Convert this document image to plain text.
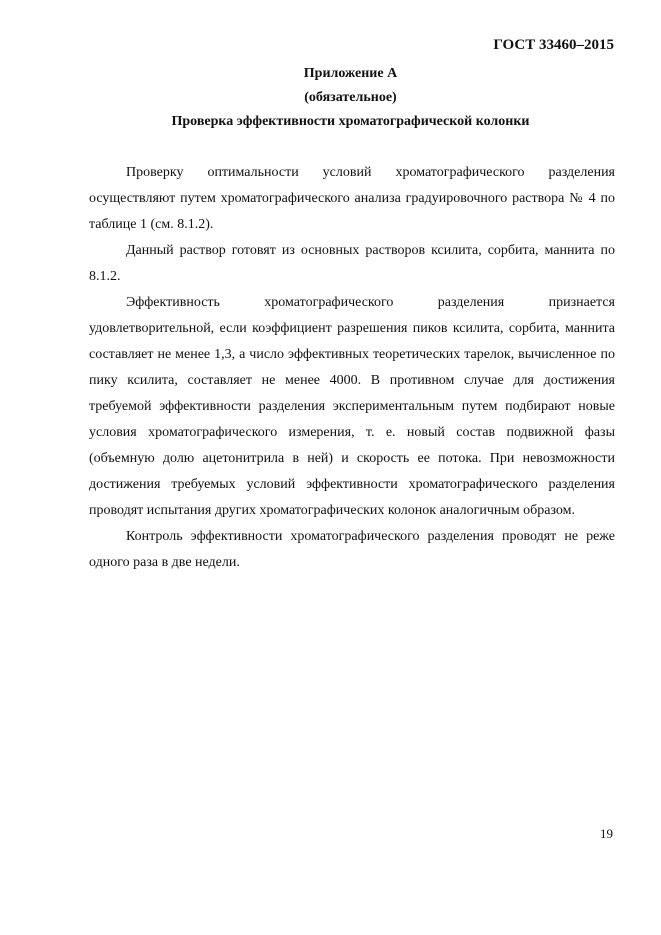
ГОСТ 33460–2015
Приложение А
(обязательное)
Проверка эффективности хроматографической колонки

Проверку оптимальности условий хроматографического разделения осуществляют путем хроматографического анализа градуировочного раствора № 4 по таблице 1 (см. 8.1.2).

Данный раствор готовят из основных растворов ксилита, сорбита, маннита по 8.1.2.

Эффективность хроматографического разделения признается удовлетворительной, если коэффициент разрешения пиков ксилита, сорбита, маннита составляет не менее 1,3, а число эффективных теоретических тарелок, вычисленное по пику ксилита, составляет не менее 4000. В противном случае для достижения требуемой эффективности разделения экспериментальным путем подбирают новые условия хроматографического измерения, т. е. новый состав подвижной фазы (объемную долю ацетонитрила в ней) и скорость ее потока. При невозможности достижения требуемых условий эффективности хроматографического разделения проводят испытания других хроматографических колонок аналогичным образом.

Контроль эффективности хроматографического разделения проводят не реже одного раза в две недели.

19
